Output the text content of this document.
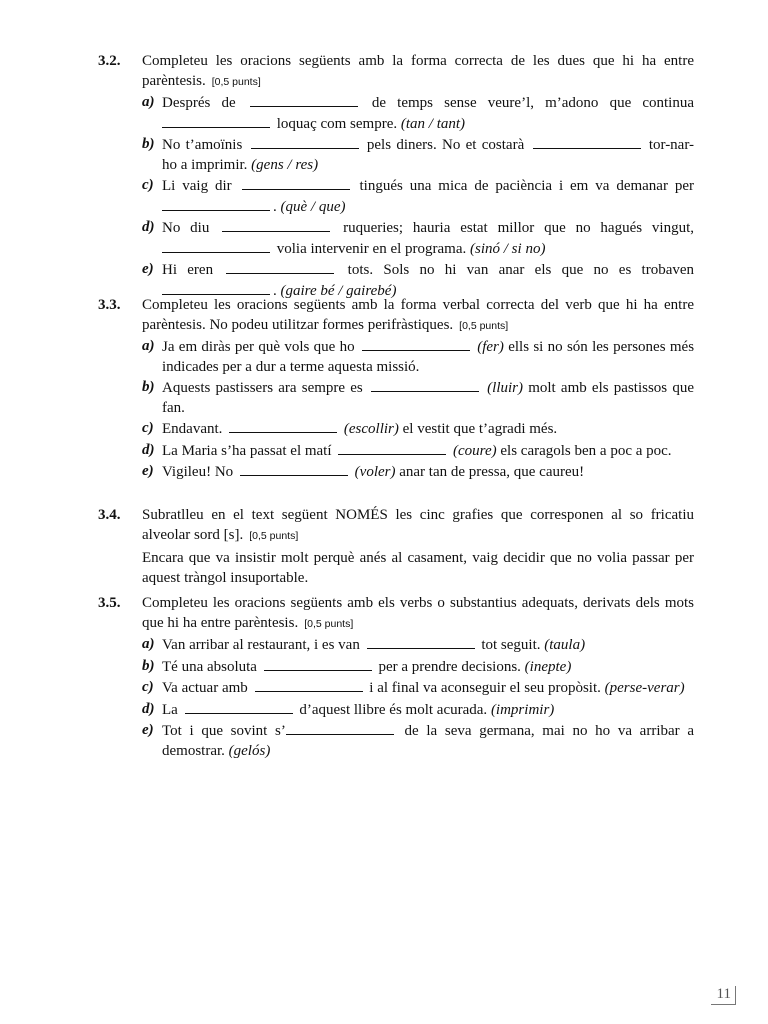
3.2.	Completeu les oracions següents amb la forma correcta de les dues que hi ha entre parèntesis. [0,5 punts]
a) Després de	de temps sense veure’l, m’adono que continua  loquaç com sempre. (tan / tant)
b) No t’amoïnis	pels diners. No et costarà	tor-nar-ho a imprimir. (gens / res)
c) Li vaig dir	tingués una mica de paciència i em va demanar per . (què / que)
d) No diu	ruqueries; hauria estat millor que no hagués vingut,  volia intervenir en el programa. (sinó / si no)
e) Hi eren	tots. Sols no hi van anar els que no es trobaven . (gaire bé / gairebé)
3.3.	Completeu les oracions següents amb la forma verbal correcta del verb que hi ha entre parèntesis. No podeu utilitzar formes perifràstiques. [0,5 punts]
a) Ja em diràs per què vols que ho	(fer) ells si no són les persones més indicades per a dur a terme aquesta missió.
b) Aquests pastissers ara sempre es	(lluir) molt amb els pastissos que fan.
c) Endavant.	(escollir) el vestit que t’agradi més.
d) La Maria s’ha passat el matí	(coure) els caragols ben a poc a poc.
e) Vigileu! No	(voler) anar tan de pressa, que caureu!
3.4.	Subratlleu en el text següent NOMÉS les cinc grafies que corresponen al so fricatiu alveolar sord [s]. [0,5 punts]
Encara que va insistir molt perquè anés al casament, vaig decidir que no volia passar per aquest tràngol insuportable.
3.5.	Completeu les oracions següents amb els verbs o substantius adequats, derivats dels mots que hi ha entre parèntesis. [0,5 punts]
a) Van arribar al restaurant, i es van	tot seguit. (taula)
b) Té una absoluta	per a prendre decisions. (inepte)
c) Va actuar amb	i al final va aconseguir el seu propòsit. (perse-verar)
d) La	d’aquest llibre és molt acurada. (imprimir)
e) Tot i que sovint s’	de la seva germana, mai no ho va arribar a demostrar. (gelós)
11
